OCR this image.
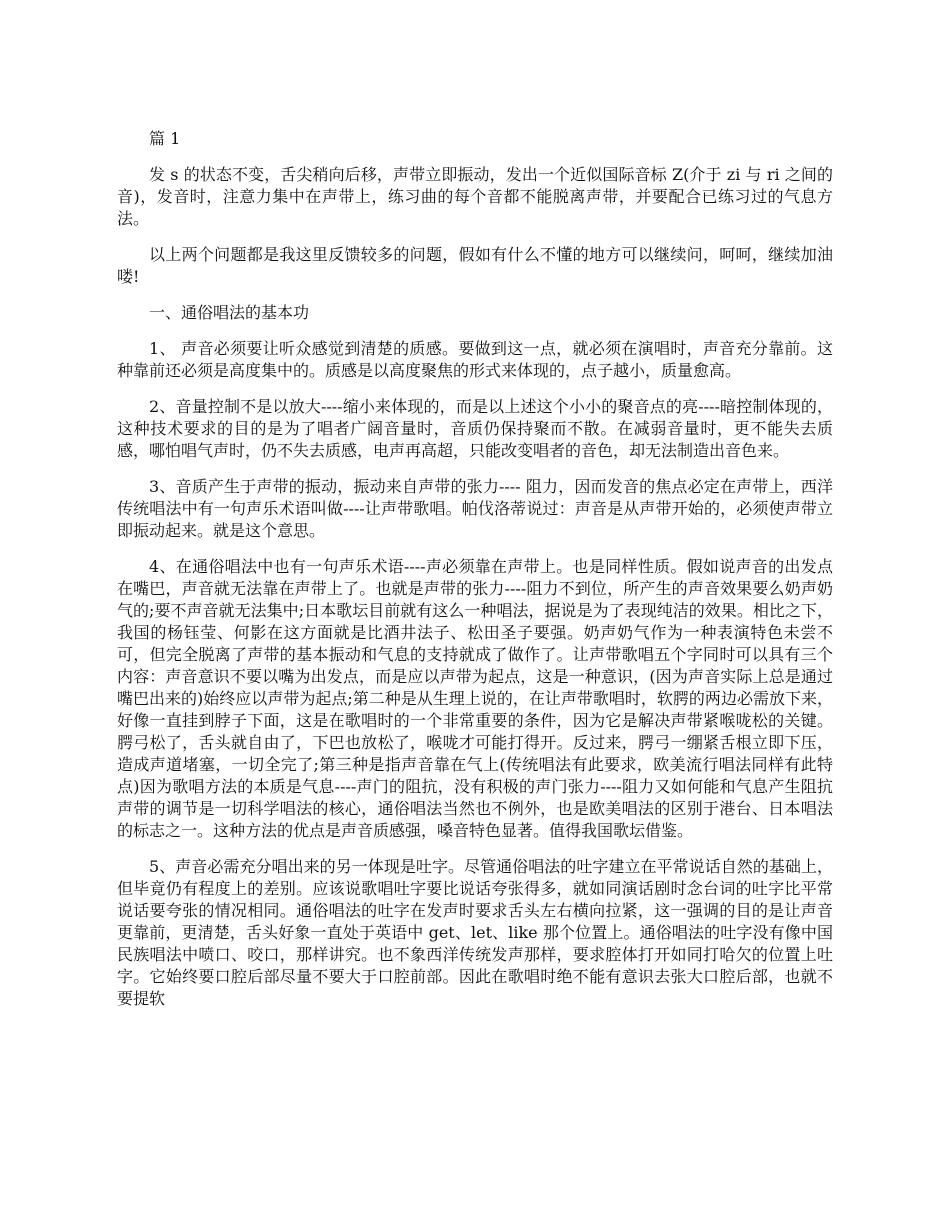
篇 1

发 s 的状态不变，舌尖稍向后移，声带立即振动，发出一个近似国际音标 Z(介于 zi 与 ri 之间的音)，发音时，注意力集中在声带上，练习曲的每个音都不能脱离声带，并要配合已练习过的气息方法。

以上两个问题都是我这里反馈较多的问题，假如有什么不懂的地方可以继续问，呵呵，继续加油喽!

一、通俗唱法的基本功

1、 声音必须要让听众感觉到清楚的质感。要做到这一点，就必须在演唱时，声音充分靠前。这种靠前还必须是高度集中的。质感是以高度聚焦的形式来体现的，点子越小，质量愈高。

2、音量控制不是以放大----缩小来体现的，而是以上述这个小小的聚音点的亮----暗控制体现的，这种技术要求的目的是为了唱者广阔音量时，音质仍保持聚而不散。在减弱音量时，更不能失去质感，哪怕唱气声时，仍不失去质感，电声再高超，只能改变唱者的音色，却无法制造出音色来。

3、音质产生于声带的振动，振动来自声带的张力---- 阻力，因而发音的焦点必定在声带上，西洋传统唱法中有一句声乐术语叫做----让声带歌唱。帕伐洛蒂说过：声音是从声带开始的，必须使声带立即振动起来。就是这个意思。

4、在通俗唱法中也有一句声乐术语----声必须靠在声带上。也是同样性质。假如说声音的出发点在嘴巴，声音就无法靠在声带上了。也就是声带的张力----阻力不到位，所产生的声音效果要么奶声奶气的;要不声音就无法集中;日本歌坛目前就有这么一种唱法，据说是为了表现纯洁的效果。相比之下，我国的杨钰莹、何影在这方面就是比酒井法子、松田圣子要强。奶声奶气作为一种表演特色未尝不可，但完全脱离了声带的基本振动和气息的支持就成了做作了。让声带歌唱五个字同时可以具有三个内容：声音意识不要以嘴为出发点，而是应以声带为起点，这是一种意识，(因为声音实际上总是通过嘴巴出来的)始终应以声带为起点;第二种是从生理上说的，在让声带歌唱时，软腭的两边必需放下来，好像一直挂到脖子下面，这是在歌唱时的一个非常重要的条件，因为它是解决声带紧喉咙松的关键。腭弓松了，舌头就自由了，下巴也放松了，喉咙才可能打得开。反过来，腭弓一绷紧舌根立即下压，造成声道堵塞，一切全完了;第三种是指声音靠在气上(传统唱法有此要求，欧美流行唱法同样有此特点)因为歌唱方法的本质是气息----声门的阻抗，没有积极的声门张力----阻力又如何能和气息产生阻抗声带的调节是一切科学唱法的核心，通俗唱法当然也不例外，也是欧美唱法的区别于港台、日本唱法的标志之一。这种方法的优点是声音质感强，嗓音特色显著。值得我国歌坛借鉴。

5、声音必需充分唱出来的另一体现是吐字。尽管通俗唱法的吐字建立在平常说话自然的基础上，但毕竟仍有程度上的差别。应该说歌唱吐字要比说话夸张得多，就如同演话剧时念台词的吐字比平常说话要夸张的情况相同。通俗唱法的吐字在发声时要求舌头左右横向拉紧，这一强调的目的是让声音更靠前，更清楚，舌头好象一直处于英语中 get、let、like 那个位置上。通俗唱法的吐字没有像中国民族唱法中喷口、咬口，那样讲究。也不象西洋传统发声那样，要求腔体打开如同打哈欠的位置上吐字。它始终要口腔后部尽量不要大于口腔前部。因此在歌唱时绝不能有意识去张大口腔后部，也就不要提软
